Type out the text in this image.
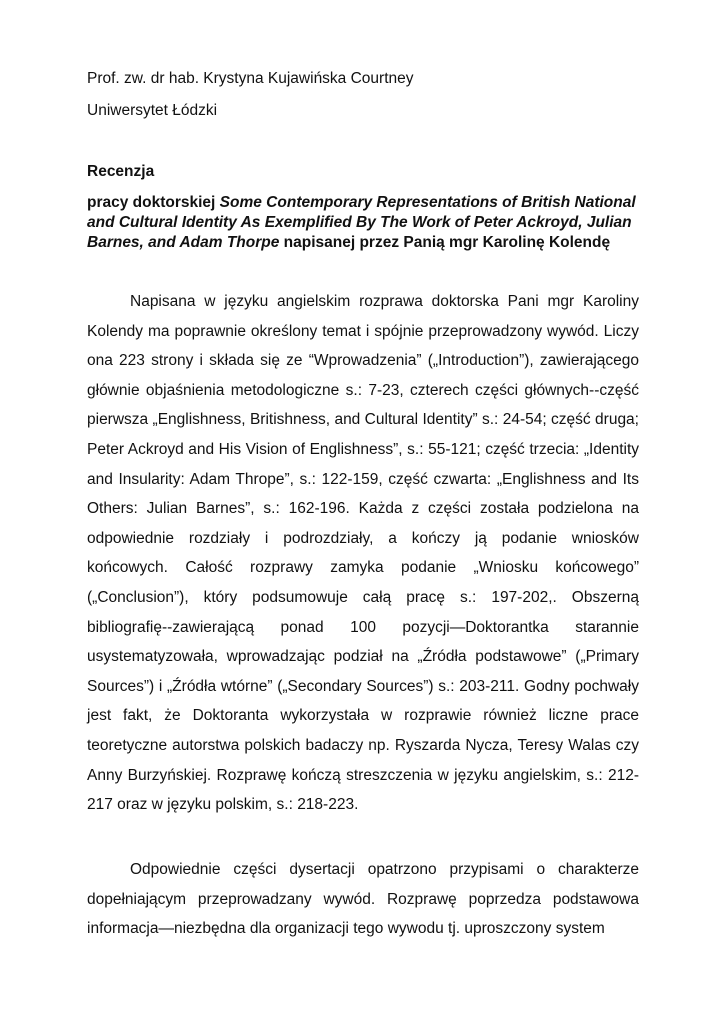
Prof. zw. dr hab. Krystyna Kujawińska Courtney
Uniwersytet Łódzki
Recenzja
pracy doktorskiej Some Contemporary Representations of British National
and Cultural Identity As Exemplified By The Work of Peter Ackroyd, Julian
Barnes, and Adam Thorpe napisanej przez Panią mgr Karolinę Kolendę
Napisana w języku angielskim rozprawa doktorska Pani mgr Karoliny Kolendy ma poprawnie określony temat i spójnie przeprowadzony wywód. Liczy ona 223 strony i składa się ze “Wprowadzenia” („Introduction”), zawierającego głównie objaśnienia metodologiczne s.: 7-23, czterech części głównych--część pierwsza „Englishness, Britishness, and Cultural Identity” s.: 24-54; część druga; Peter Ackroyd and His Vision of Englishness”, s.: 55-121; część trzecia: „Identity and Insularity: Adam Thrope”, s.: 122-159, część czwarta: „Englishness and Its Others: Julian Barnes”, s.: 162-196. Każda z części została podzielona na odpowiednie rozdziały i podrozdziały, a kończy ją podanie wniosków końcowych. Całość rozprawy zamyka podanie „Wniosku końcowego” („Conclusion”), który podsumowuje całą pracę s.: 197-202,. Obszerną bibliografię--zawierającą ponad 100 pozycji—Doktorantka starannie usystematyzowała, wprowadzając podział na „Źródła podstawowe” („Primary Sources”) i „Źródła wtórne” („Secondary Sources”) s.: 203-211. Godny pochwały jest fakt, że Doktoranta wykorzystała w rozprawie również liczne prace teoretyczne autorstwa polskich badaczy np. Ryszarda Nycza, Teresy Walas czy Anny Burzyńskiej. Rozprawę kończą streszczenia w języku angielskim, s.: 212-217 oraz w języku polskim, s.: 218-223.
Odpowiednie części dysertacji opatrzono przypisami o charakterze dopełniającym przeprowadzany wywód. Rozprawę poprzedza podstawowa informacja—niezbędna dla organizacji tego wywodu tj. uproszczony system
